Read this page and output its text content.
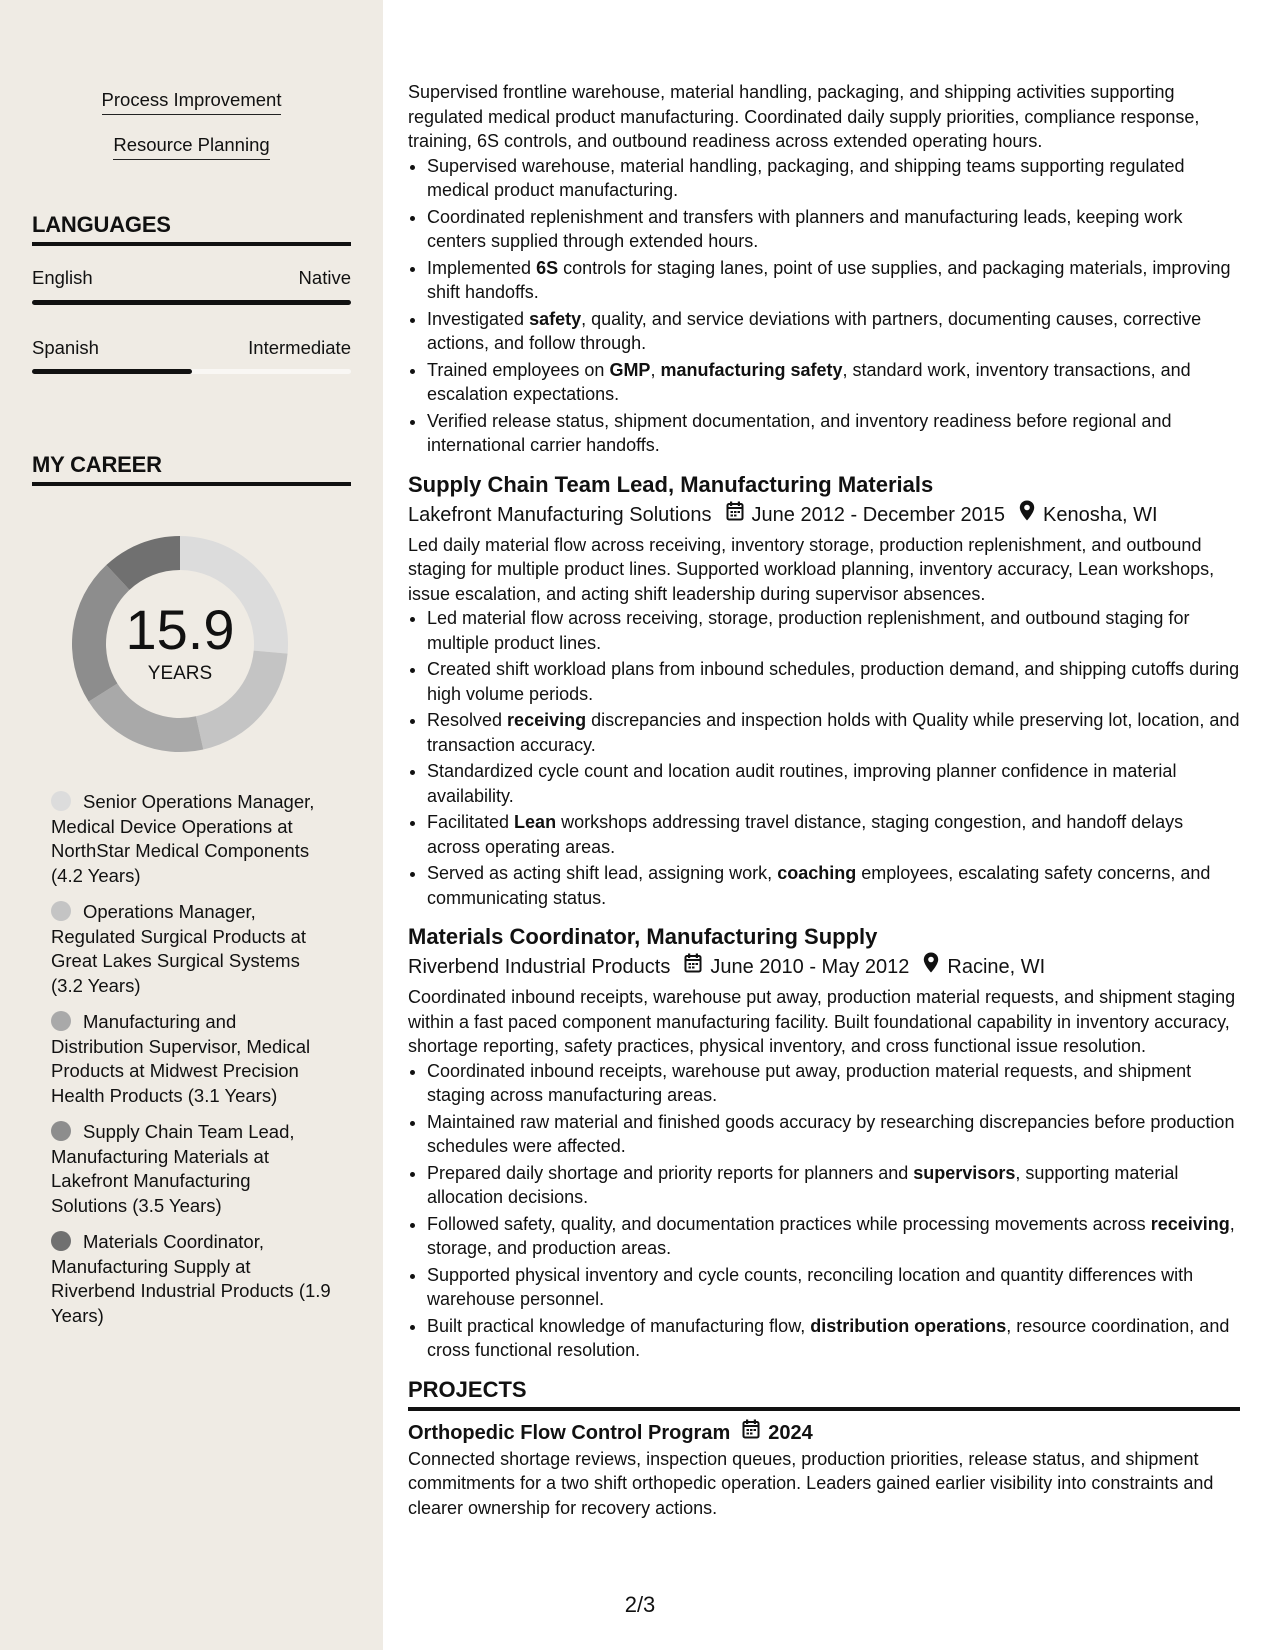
Process Improvement
Resource Planning
LANGUAGES
English	Native
Spanish	Intermediate
MY CAREER
15.9
YEARS
Senior Operations Manager, Medical Device Operations at NorthStar Medical Components (4.2 Years)
Operations Manager, Regulated Surgical Products at Great Lakes Surgical Systems (3.2 Years)
Manufacturing and Distribution Supervisor, Medical Products at Midwest Precision Health Products (3.1 Years)
Supply Chain Team Lead, Manufacturing Materials at Lakefront Manufacturing Solutions (3.5 Years)
Materials Coordinator, Manufacturing Supply at Riverbend Industrial Products (1.9 Years)

Supervised frontline warehouse, material handling, packaging, and shipping activities supporting regulated medical product manufacturing. Coordinated daily supply priorities, compliance response, training, 6S controls, and outbound readiness across extended operating hours.

• Supervised warehouse, material handling, packaging, and shipping teams supporting regulated medical product manufacturing.
• Coordinated replenishment and transfers with planners and manufacturing leads, keeping work centers supplied through extended hours.
• Implemented 6S controls for staging lanes, point of use supplies, and packaging materials, improving shift handoffs.
• Investigated safety, quality, and service deviations with partners, documenting causes, corrective actions, and follow through.
• Trained employees on GMP, manufacturing safety, standard work, inventory transactions, and escalation expectations.
• Verified release status, shipment documentation, and inventory readiness before regional and international carrier handoffs.
Supply Chain Team Lead, Manufacturing Materials
Lakefront Manufacturing Solutions June 2012 - December 2015 Kenosha, WI

Led daily material flow across receiving, inventory storage, production replenishment, and outbound staging for multiple product lines. Supported workload planning, inventory accuracy, Lean workshops, issue escalation, and acting shift leadership during supervisor absences.

• Led material flow across receiving, storage, production replenishment, and outbound staging for multiple product lines.
• Created shift workload plans from inbound schedules, production demand, and shipping cutoffs during high volume periods.
• Resolved receiving discrepancies and inspection holds with Quality while preserving lot, location, and transaction accuracy.
• Standardized cycle count and location audit routines, improving planner confidence in material availability.
• Facilitated Lean workshops addressing travel distance, staging congestion, and handoff delays across operating areas.
• Served as acting shift lead, assigning work, coaching employees, escalating safety concerns, and communicating status.
Materials Coordinator, Manufacturing Supply
Riverbend Industrial Products June 2010 - May 2012 Racine, WI

Coordinated inbound receipts, warehouse put away, production material requests, and shipment staging within a fast paced component manufacturing facility. Built foundational capability in inventory accuracy, shortage reporting, safety practices, physical inventory, and cross functional issue resolution.

• Coordinated inbound receipts, warehouse put away, production material requests, and shipment staging across manufacturing areas.
• Maintained raw material and finished goods accuracy by researching discrepancies before production schedules were affected.
• Prepared daily shortage and priority reports for planners and supervisors, supporting material allocation decisions.
• Followed safety, quality, and documentation practices while processing movements across receiving, storage, and production areas.
• Supported physical inventory and cycle counts, reconciling location and quantity differences with warehouse personnel.
• Built practical knowledge of manufacturing flow, distribution operations, resource coordination, and cross functional resolution.
PROJECTS
Orthopedic Flow Control Program 2024

Connected shortage reviews, inspection queues, production priorities, release status, and shipment commitments for a two shift orthopedic operation. Leaders gained earlier visibility into constraints and clearer ownership for recovery actions.

2/3
